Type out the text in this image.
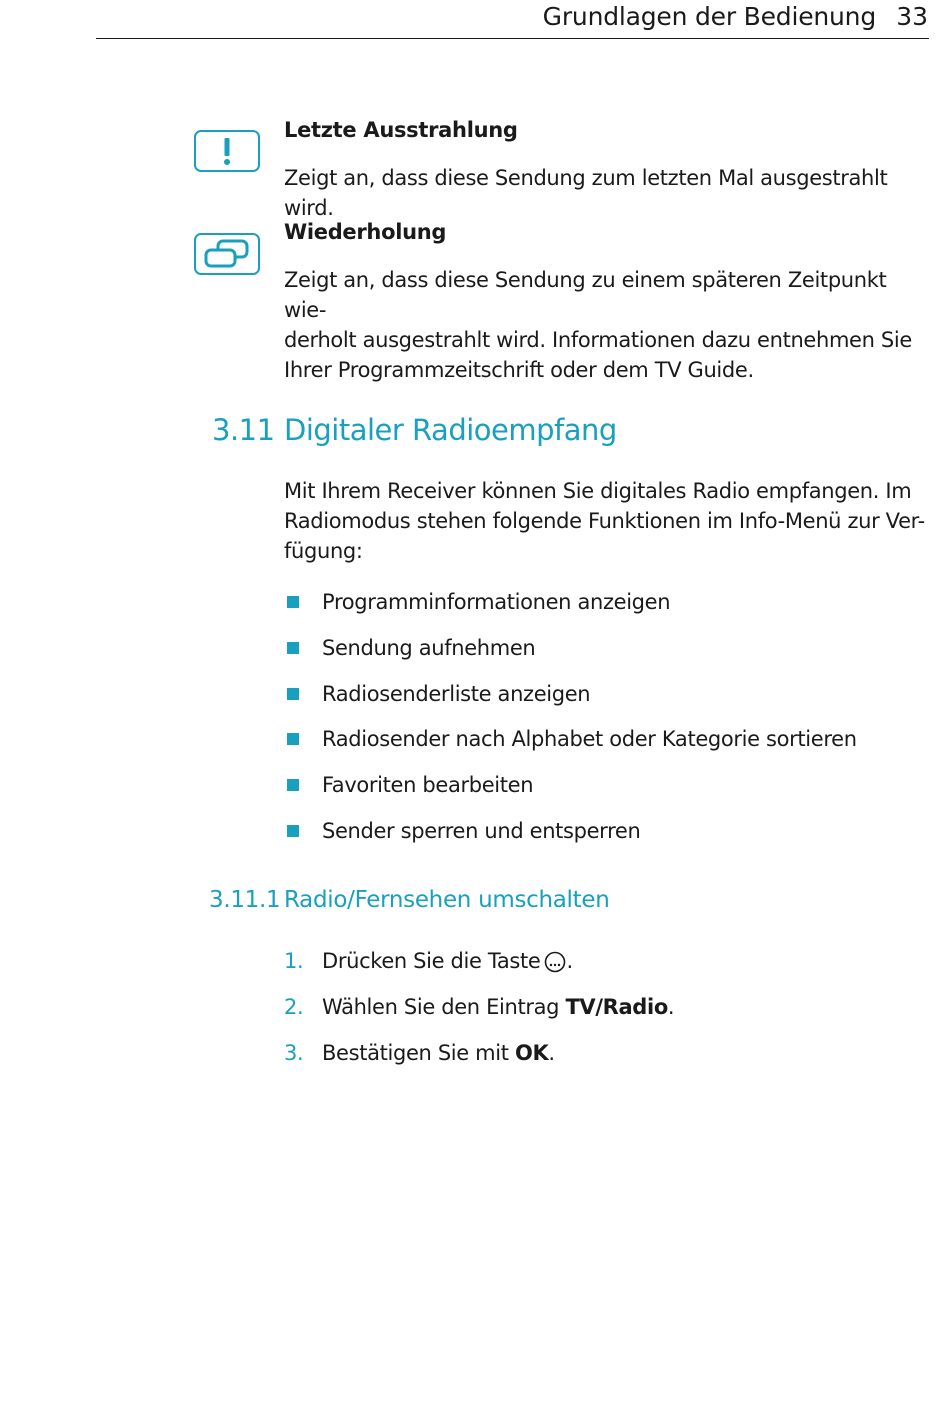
Grundlagen der Bedienung 33
Letzte Ausstrahlung
Zeigt an, dass diese Sendung zum letzten Mal ausgestrahlt wird.
Wiederholung
Zeigt an, dass diese Sendung zu einem späteren Zeitpunkt wie-
derholt ausgestrahlt wird. Informationen dazu entnehmen Sie
Ihrer Programmzeitschrift oder dem TV Guide.
3.11 Digitaler Radioempfang
Mit Ihrem Receiver können Sie digitales Radio empfangen. Im
Radiomodus stehen folgende Funktionen im Info-Menü zur Ver-
fügung:
Programminformationen anzeigen
Sendung aufnehmen
Radiosenderliste anzeigen
Radiosender nach Alphabet oder Kategorie sortieren
Favoriten bearbeiten
Sender sperren und entsperren
3.11.1 Radio/Fernsehen umschalten
1. Drücken Sie die Taste .
2. Wählen Sie den Eintrag TV/Radio.
3. Bestätigen Sie mit OK.
